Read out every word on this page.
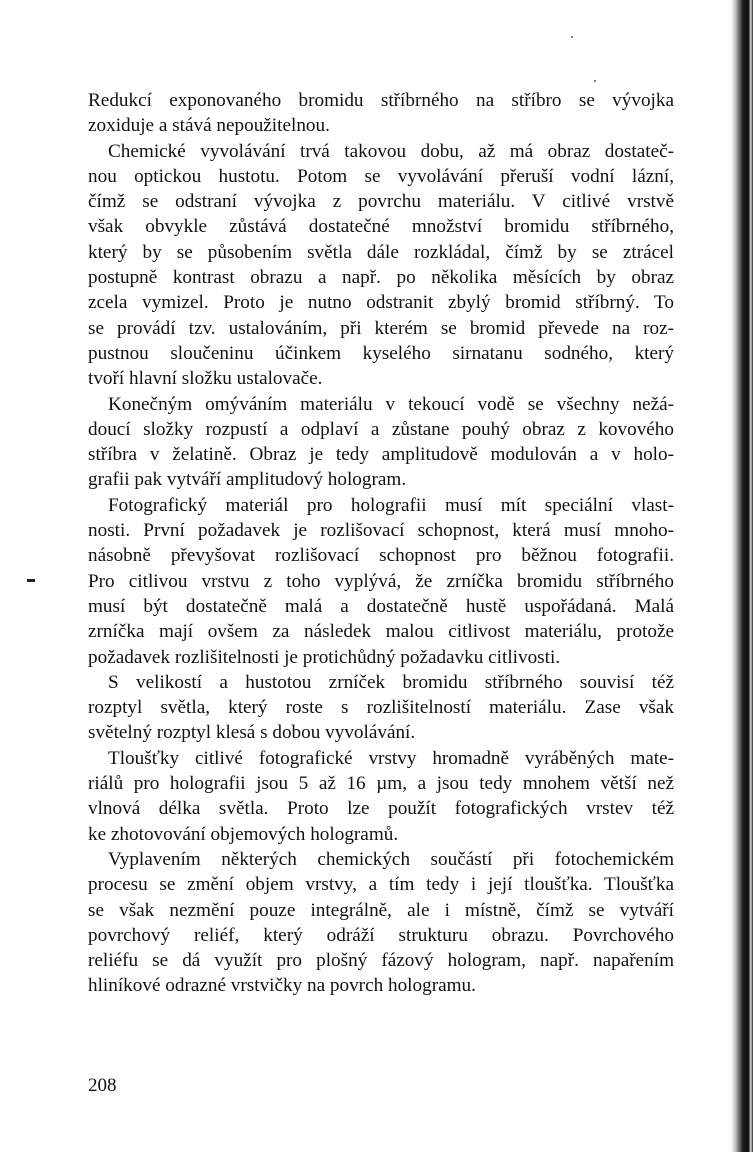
Redukcí exponovaného bromidu stříbrného na stříbro se vývojka
zoxiduje a stává nepoužitelnou.

Chemické vyvolávání trvá takovou dobu, až má obraz dostateč-
nou optickou hustotu. Potom se vyvolávání přeruší vodní lázní,
čímž se odstraní vývojka z povrchu materiálu. V citlivé vrstvě
však obvykle zůstává dostatečné množství bromidu stříbrného,
který by se působením světla dále rozkládal, čímž by se ztrácel
postupně kontrast obrazu a např. po několika měsících by obraz
zcela vymizel. Proto je nutno odstranit zbylý bromid stříbrný. To
se provádí tzv. ustalováním, při kterém se bromid převede na roz-
pustnou sloučeninu účinkem kyselého sirnatanu sodného, který
tvoří hlavní složku ustalovače.

Konečným omýváním materiálu v tekoucí vodě se všechny nežá-
doucí složky rozpustí a odplaví a zůstane pouhý obraz z kovového
stříbra v želatině. Obraz je tedy amplitudově modulován a v holo-
grafii pak vytváří amplitudový hologram.

Fotografický materiál pro holografii musí mít speciální vlast-
nosti. První požadavek je rozlišovací schopnost, která musí mnoho-
násobně převyšovat rozlišovací schopnost pro běžnou fotografii.
Pro citlivou vrstvu z toho vyplývá, že zrníčka bromidu stříbrného
musí být dostatečně malá a dostatečně hustě uspořádaná. Malá
zrníčka mají ovšem za následek malou citlivost materiálu, protože
požadavek rozlišitelnosti je protichůdný požadavku citlivosti.

S velikostí a hustotou zrníček bromidu stříbrného souvisí též
rozptyl světla, který roste s rozlišitelností materiálu. Zase však
světelný rozptyl klesá s dobou vyvolávání.

Tloušťky citlivé fotografické vrstvy hromadně vyráběných mate-
riálů pro holografii jsou 5 až 16 µm, a jsou tedy mnohem větší než
vlnová délka světla. Proto lze použít fotografických vrstev též
ke zhotovování objemových hologramů.

Vyplavením některých chemických součástí při fotochemickém
procesu se změní objem vrstvy, a tím tedy i její tloušťka. Tloušťka
se však nezmění pouze integrálně, ale i místně, čímž se vytváří
povrchový reliéf, který odráží strukturu obrazu. Povrchového
reliéfu se dá využít pro plošný fázový hologram, např. napařením
hliníkové odrazné vrstvičky na povrch hologramu.

208
